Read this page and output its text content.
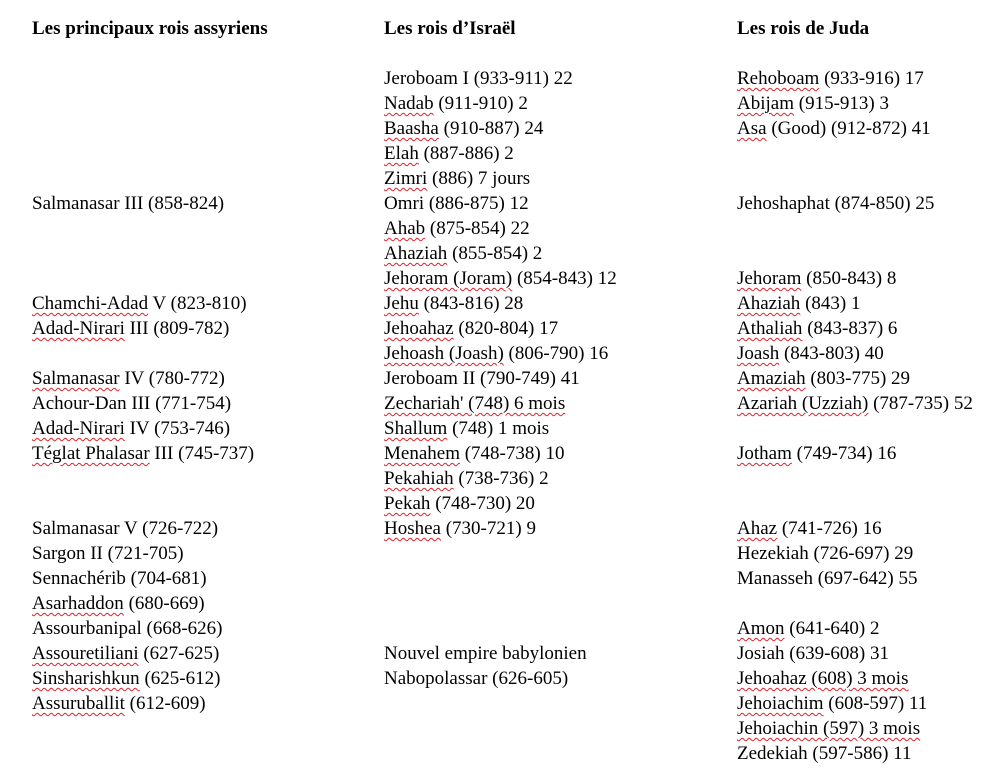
Les principaux rois assyriens
Salmanasar III (858-824)
Chamchi-Adad V (823-810)
Adad-Nirari III (809-782)
Salmanasar IV (780-772)
Achour-Dan III (771-754)
Adad-Nirari IV (753-746)
Téglat Phalasar III (745-737)
Salmanasar V (726-722)
Sargon II (721-705)
Sennachérib (704-681)
Asarhaddon (680-669)
Assourbanipal (668-626)
Assouretiliani (627-625)
Sinsharishkun (625-612)
Assuruballit (612-609)
Les rois d’Israël
Jeroboam I (933-911) 22
Nadab (911-910) 2
Baasha (910-887) 24
Elah (887-886) 2
Zimri (886) 7 jours
Omri (886-875) 12
Ahab (875-854) 22
Ahaziah (855-854) 2
Jehoram (Joram) (854-843) 12
Jehu (843-816) 28
Jehoahaz (820-804) 17
Jehoash (Joash) (806-790) 16
Jeroboam II (790-749) 41
Zechariah' (748) 6 mois
Shallum (748) 1 mois
Menahem (748-738) 10
Pekahiah (738-736) 2
Pekah (748-730) 20
Hoshea (730-721) 9
Nouvel empire babylonien
Nabopolassar (626-605)
Les rois de Juda
Rehoboam (933-916) 17
Abijam (915-913) 3
Asa (Good) (912-872) 41
Jehoshaphat (874-850) 25
Jehoram (850-843) 8
Ahaziah (843) 1
Athaliah (843-837) 6
Joash (843-803) 40
Amaziah (803-775) 29
Azariah (Uzziah) (787-735) 52
Jotham (749-734) 16
Ahaz (741-726) 16
Hezekiah (726-697) 29
Manasseh (697-642) 55
Amon (641-640) 2
Josiah (639-608) 31
Jehoahaz (608) 3 mois
Jehoiachim (608-597) 11
Jehoiachin (597) 3 mois
Zedekiah (597-586) 11
